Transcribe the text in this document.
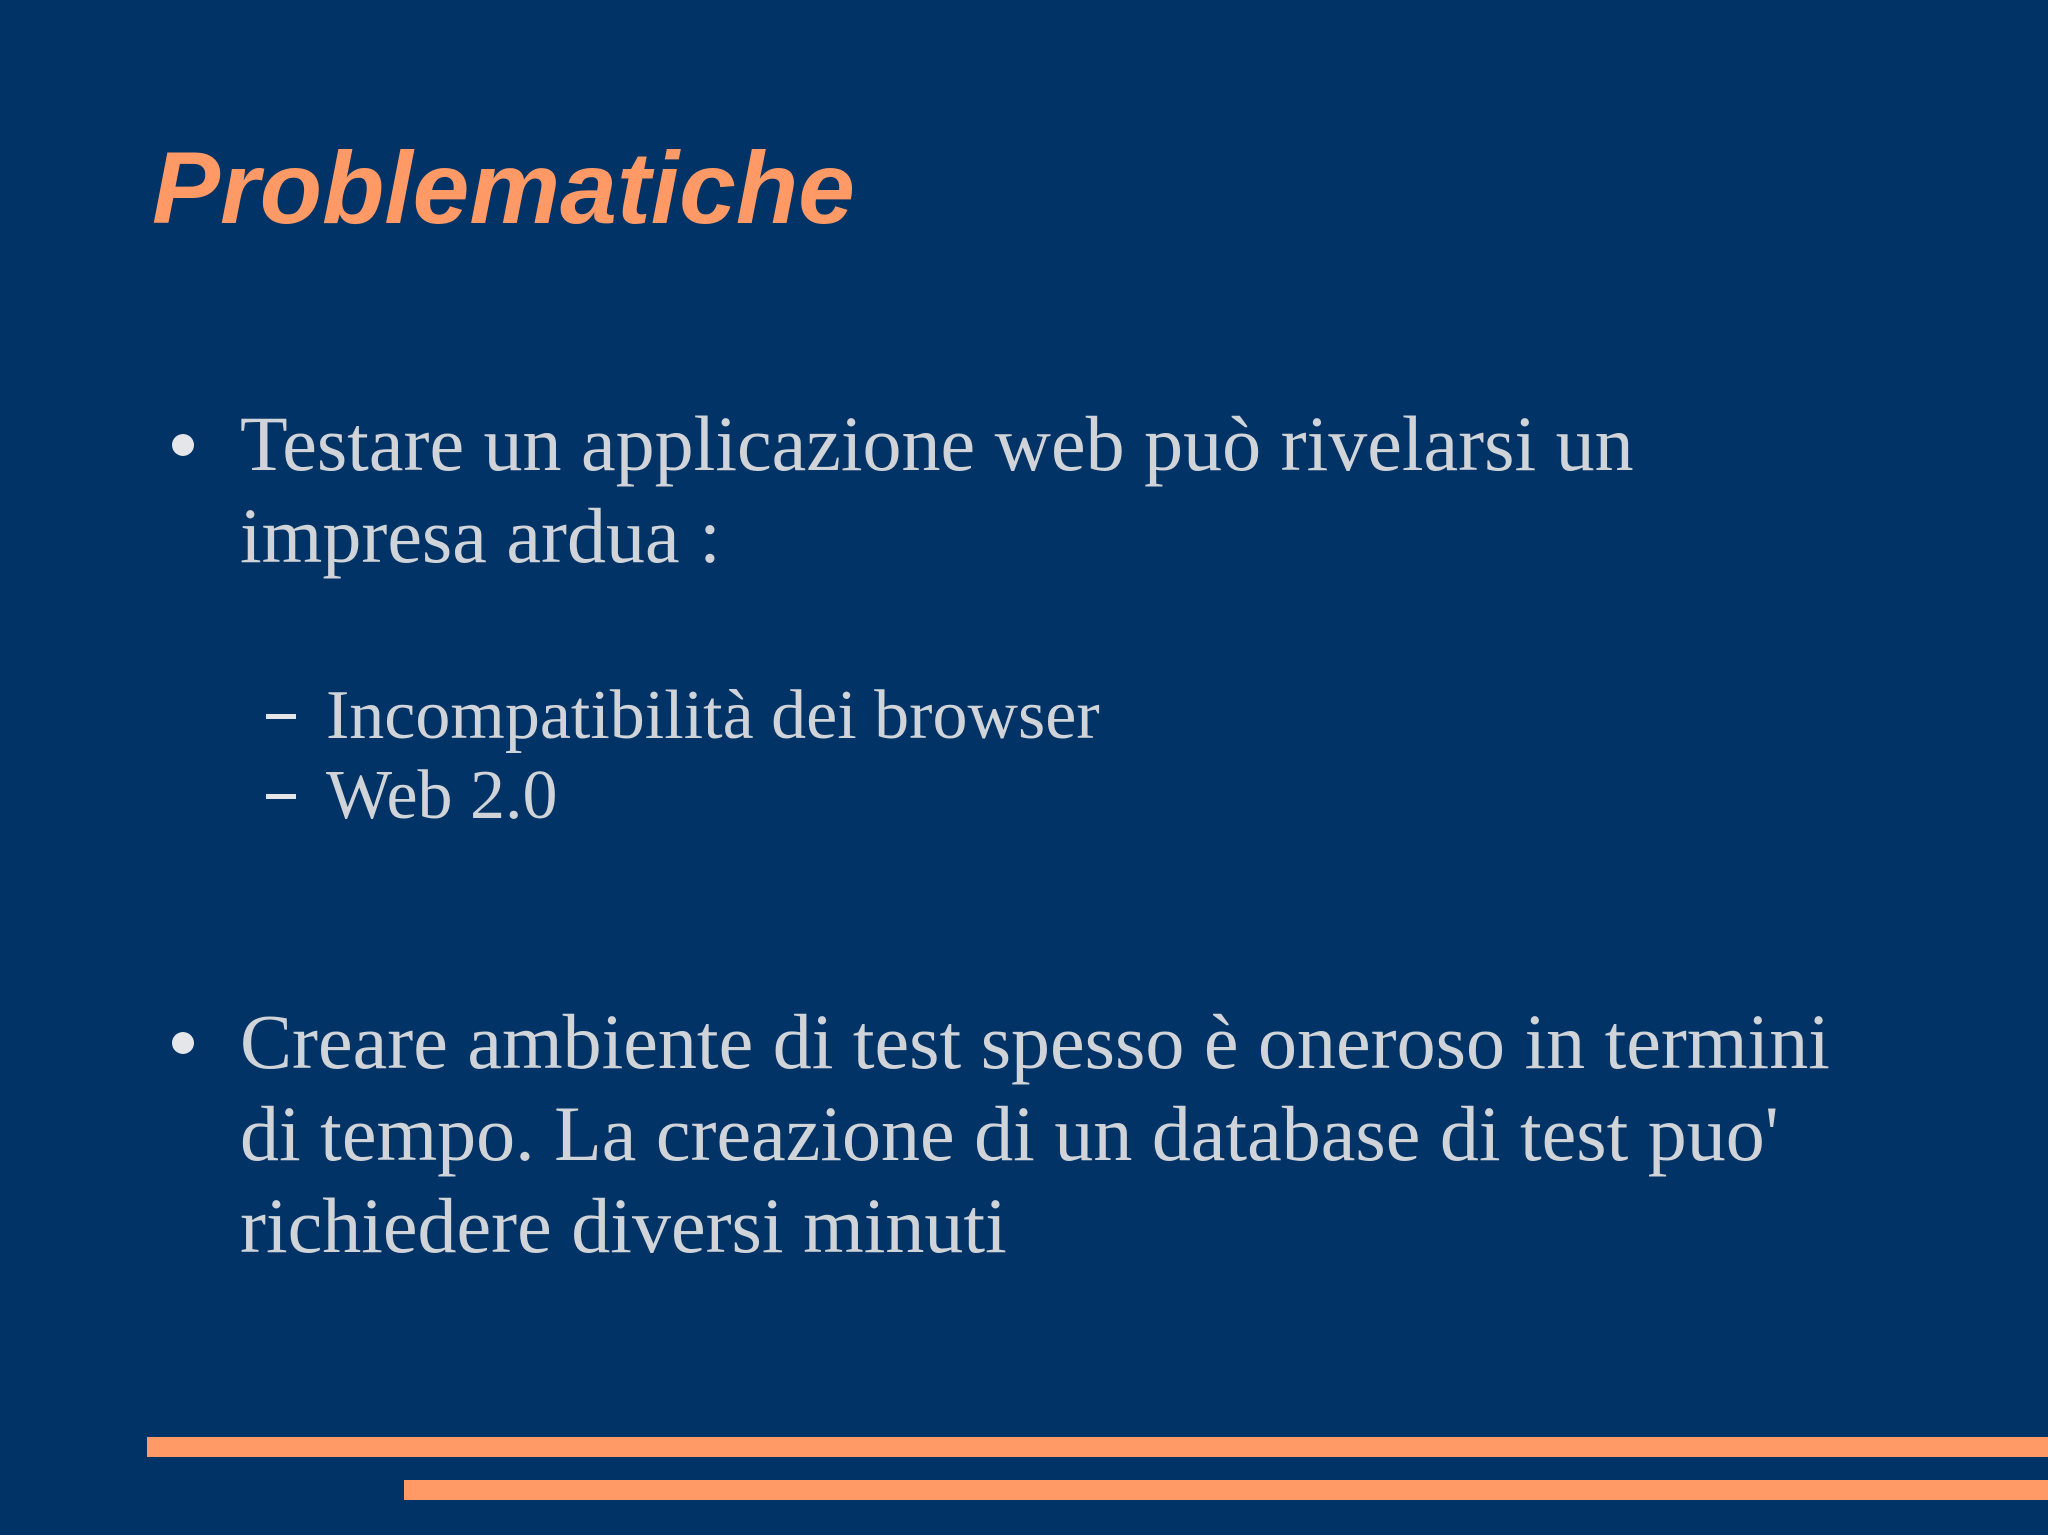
Problematiche

Testare un applicazione web può rivelarsi un

impresa ardua :

Incompatibilità dei browser

Web 2.0

Creare ambiente di test spesso è oneroso in termini

di tempo. La creazione di un database di test puo'

richiedere diversi minuti
